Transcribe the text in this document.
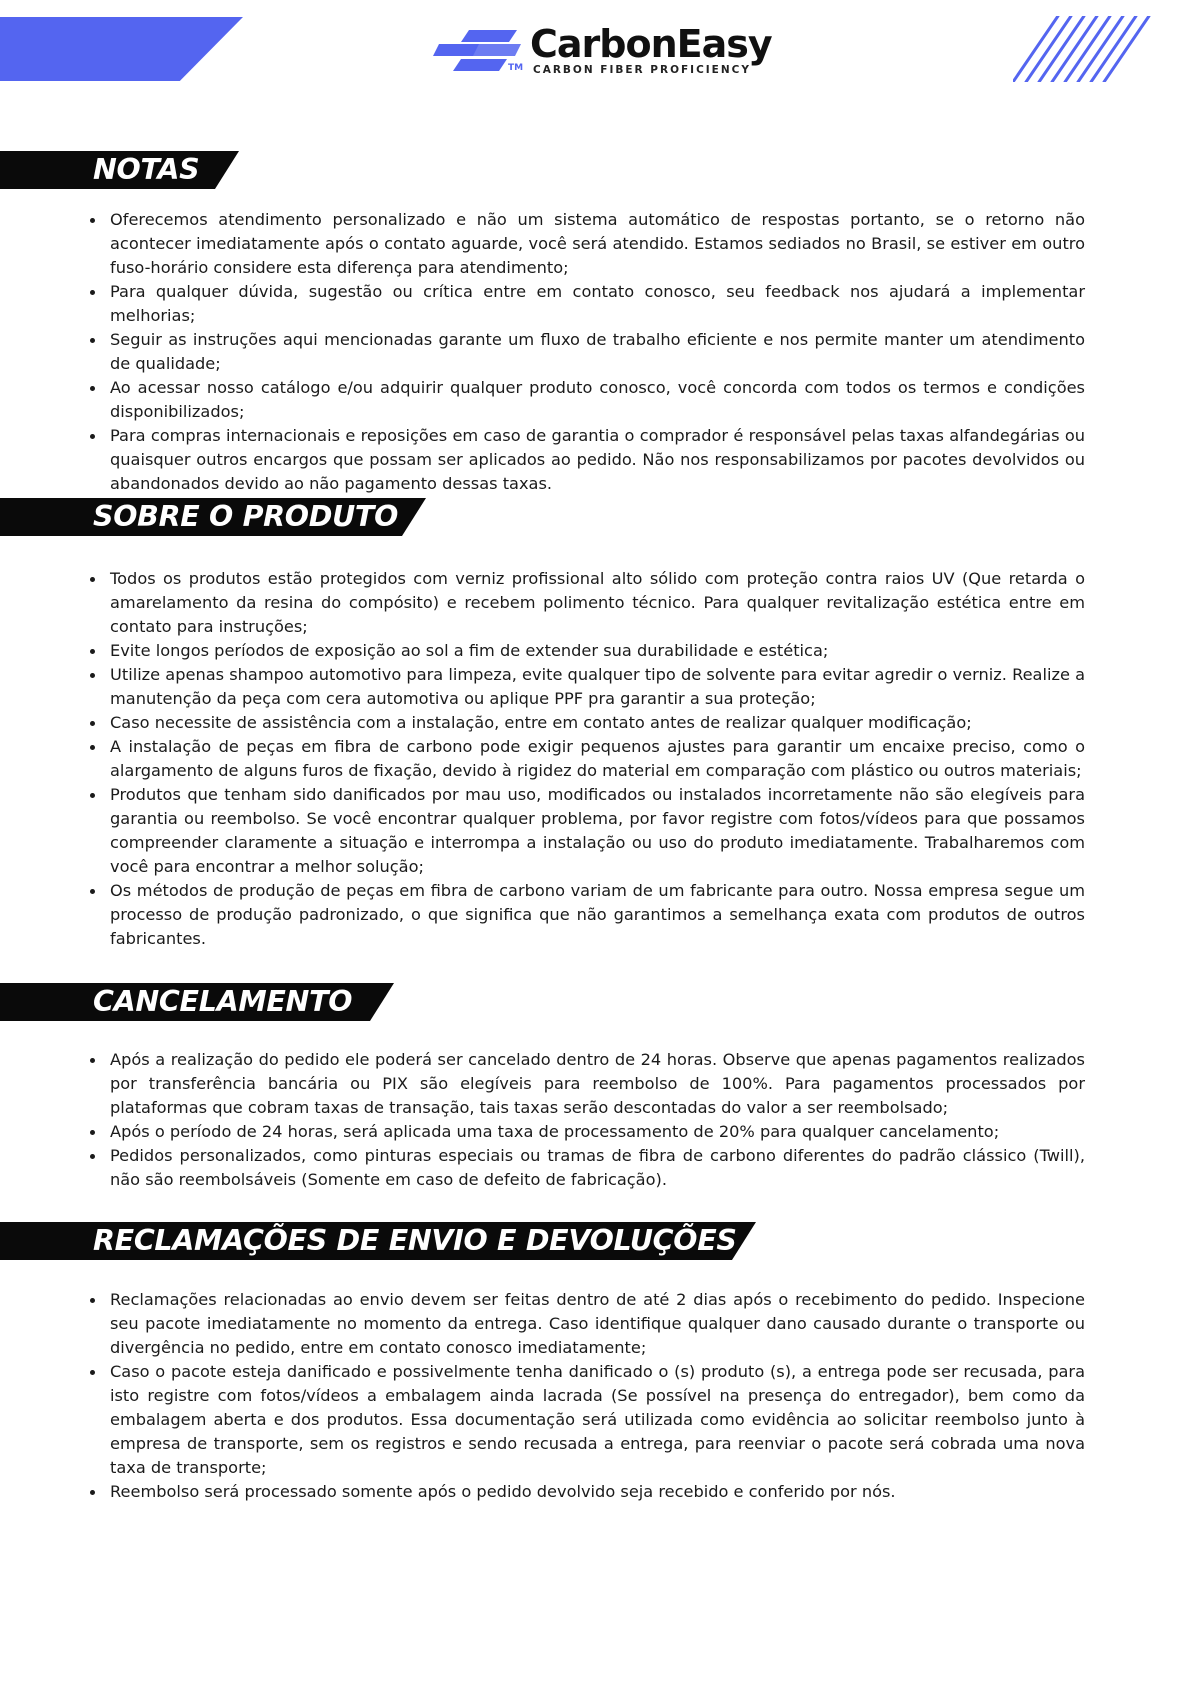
TM
CarbonEasy
CARBON FIBER PROFICIENCY
NOTAS
Oferecemos atendimento personalizado e não um sistema automático de respostas portanto, se o retorno não acontecer imediatamente após o contato aguarde, você será atendido. Estamos sediados no Brasil, se estiver em outro fuso-horário considere esta diferença para atendimento;
Para qualquer dúvida, sugestão ou crítica entre em contato conosco, seu feedback nos ajudará a implementar melhorias;
Seguir as instruções aqui mencionadas garante um fluxo de trabalho eficiente e nos permite manter um atendimento de qualidade;
Ao acessar nosso catálogo e/ou adquirir qualquer produto conosco, você concorda com todos os termos e condições disponibilizados;
Para compras internacionais e reposições em caso de garantia o comprador é responsável pelas taxas alfandegárias ou quaisquer outros encargos que possam ser aplicados ao pedido. Não nos responsabilizamos por pacotes devolvidos ou abandonados devido ao não pagamento dessas taxas.
SOBRE O PRODUTO
Todos os produtos estão protegidos com verniz profissional alto sólido com proteção contra raios UV (Que retarda o amarelamento da resina do compósito) e recebem polimento técnico. Para qualquer revitalização estética entre em contato para instruções;
Evite longos períodos de exposição ao sol a fim de extender sua durabilidade e estética;
Utilize apenas shampoo automotivo para limpeza, evite qualquer tipo de solvente para evitar agredir o verniz. Realize a manutenção da peça com cera automotiva ou aplique PPF pra garantir a sua proteção;
Caso necessite de assistência com a instalação, entre em contato antes de realizar qualquer modificação;
A instalação de peças em fibra de carbono pode exigir pequenos ajustes para garantir um encaixe preciso, como o alargamento de alguns furos de fixação, devido à rigidez do material em comparação com plástico ou outros materiais;
Produtos que tenham sido danificados por mau uso, modificados ou instalados incorretamente não são elegíveis para garantia ou reembolso. Se você encontrar qualquer problema, por favor registre com fotos/vídeos para que possamos compreender claramente a situação e interrompa a instalação ou uso do produto imediatamente. Trabalharemos com você para encontrar a melhor solução;
Os métodos de produção de peças em fibra de carbono variam de um fabricante para outro. Nossa empresa segue um processo de produção padronizado, o que significa que não garantimos a semelhança exata com produtos de outros fabricantes.
CANCELAMENTO
Após a realização do pedido ele poderá ser cancelado dentro de 24 horas. Observe que apenas pagamentos realizados por transferência bancária ou PIX são elegíveis para reembolso de 100%. Para pagamentos processados por plataformas que cobram taxas de transação, tais taxas serão descontadas do valor a ser reembolsado;
Após o período de 24 horas, será aplicada uma taxa de processamento de 20% para qualquer cancelamento;
Pedidos personalizados, como pinturas especiais ou tramas de fibra de carbono diferentes do padrão clássico (Twill), não são reembolsáveis (Somente em caso de defeito de fabricação).
RECLAMAÇÕES DE ENVIO E DEVOLUÇÕES
Reclamações relacionadas ao envio devem ser feitas dentro de até 2 dias após o recebimento do pedido. Inspecione seu pacote imediatamente no momento da entrega. Caso identifique qualquer dano causado durante o transporte ou divergência no pedido, entre em contato conosco imediatamente;
Caso o pacote esteja danificado e possivelmente tenha danificado o (s) produto (s), a entrega pode ser recusada, para isto registre com fotos/vídeos a embalagem ainda lacrada (Se possível na presença do entregador), bem como da embalagem aberta e dos produtos. Essa documentação será utilizada como evidência ao solicitar reembolso junto à empresa de transporte, sem os registros e sendo recusada a entrega, para reenviar o pacote será cobrada uma nova taxa de transporte;
Reembolso será processado somente após o pedido devolvido seja recebido e conferido por nós.
